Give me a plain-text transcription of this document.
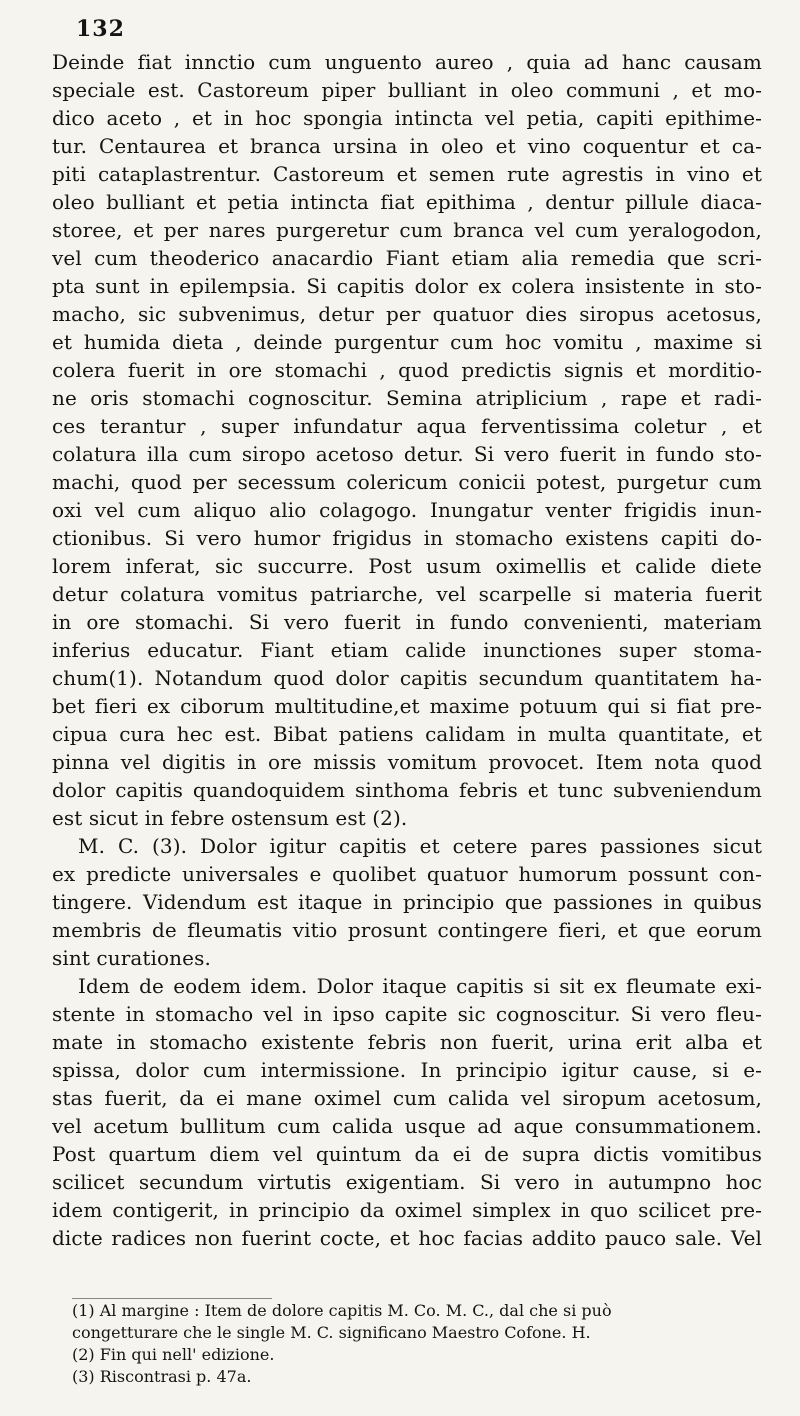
132
Deinde fiat innctio cum unguento aureo , quia ad hanc causam
speciale est. Castoreum piper bulliant in oleo communi , et mo-
dico aceto , et in hoc spongia intincta vel petia, capiti epithime-
tur. Centaurea et branca ursina in oleo et vino coquentur et ca-
piti cataplastrentur. Castoreum et semen rute agrestis in vino et
oleo bulliant et petia intincta fiat epithima , dentur pillule diaca-
storee, et per nares purgeretur cum branca vel cum yeralogodon,
vel cum theoderico anacardio Fiant etiam alia remedia que scri-
pta sunt in epilempsia. Si capitis dolor ex colera insistente in sto-
macho, sic subvenimus, detur per quatuor dies siropus acetosus,
et humida dieta , deinde purgentur cum hoc vomitu , maxime si
colera fuerit in ore stomachi , quod predictis signis et morditio-
ne oris stomachi cognoscitur. Semina atriplicium , rape et radi-
ces terantur , super infundatur aqua ferventissima coletur , et
colatura illa cum siropo acetoso detur. Si vero fuerit in fundo sto-
machi, quod per secessum colericum conicii potest, purgetur cum
oxi vel cum aliquo alio colagogo. Inungatur venter frigidis inun-
ctionibus. Si vero humor frigidus in stomacho existens capiti do-
lorem inferat, sic succurre. Post usum oximellis et calide diete
detur colatura vomitus patriarche, vel scarpelle si materia fuerit
in ore stomachi. Si vero fuerit in fundo convenienti, materiam
inferius educatur. Fiant etiam calide inunctiones super stoma-
chum(1). Notandum quod dolor capitis secundum quantitatem ha-
bet fieri ex ciborum multitudine,et maxime potuum qui si fiat pre-
cipua cura hec est. Bibat patiens calidam in multa quantitate, et
pinna vel digitis in ore missis vomitum provocet. Item nota quod
dolor capitis quandoquidem sinthoma febris et tunc subveniendum
est sicut in febre ostensum est (2).
M. C. (3). Dolor igitur capitis et cetere pares passiones sicut
ex predicte universales e quolibet quatuor humorum possunt con-
tingere. Videndum est itaque in principio que passiones in quibus
membris de fleumatis vitio prosunt contingere fieri, et que eorum
sint curationes.
Idem de eodem idem. Dolor itaque capitis si sit ex fleumate exi-
stente in stomacho vel in ipso capite sic cognoscitur. Si vero fleu-
mate in stomacho existente febris non fuerit, urina erit alba et
spissa, dolor cum intermissione. In principio igitur cause, si e-
stas fuerit, da ei mane oximel cum calida vel siropum acetosum,
vel acetum bullitum cum calida usque ad aque consummationem.
Post quartum diem vel quintum da ei de supra dictis vomitibus
scilicet secundum virtutis exigentiam. Si vero in autumpno hoc
idem contigerit, in principio da oximel simplex in quo scilicet pre-
dicte radices non fuerint cocte, et hoc facias addito pauco sale. Vel
(1) Al margine : Item de dolore capitis M. Co. M. C., dal che si può
congetturare che le single M. C. significano Maestro Cofone. H.
(2) Fin qui nell' edizione.
(3) Riscontrasi p. 47a.
